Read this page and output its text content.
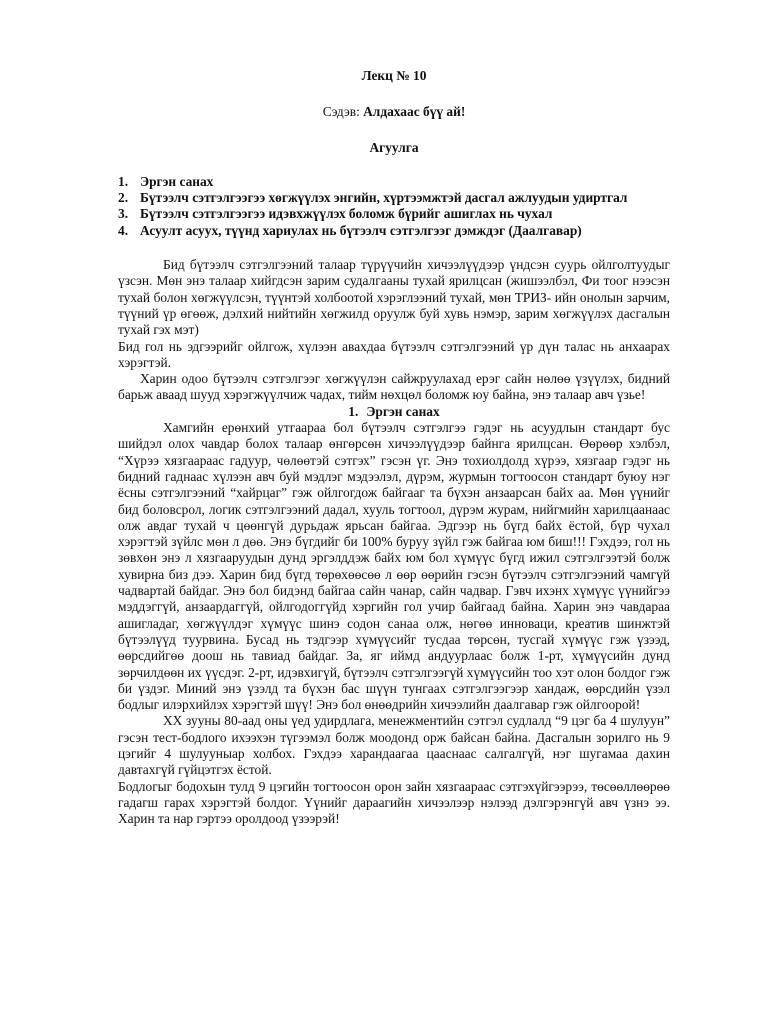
Лекц № 10
Сэдэв: Алдахаас бүү ай!
Агуулга
1. Эргэн санах
2. Бүтээлч сэтгэлгээгээ хөгжүүлэх энгийн, хүртээмжтэй дасгал ажлуудын удиртгал
3. Бүтээлч сэтгэлгээгээ идэвхжүүлэх боломж бүрийг ашиглах нь чухал
4. Асуулт асуух, түүнд хариулах нь бүтээлч сэтгэлгээг дэмждэг (Даалгавар)

Бид бүтээлч сэтгэлгээний талаар түрүүчийн хичээлүүдээр үндсэн суурь ойлголтуудыг үзсэн. Мөн энэ талаар хийгдсэн зарим судалгааны тухай ярилцсан (жишээлбэл, Фи тоог нээсэн тухай болон хөгжүүлсэн, түүнтэй холбоотой хэрэглээний тухай, мөн ТРИЗ- ийн онолын зарчим, түүний үр өгөөж, дэлхий нийтийн хөгжилд оруулж буй хувь нэмэр, зарим хөгжүүлэх дасгалын тухай гэх мэт)

Бид гол нь эдгээрийг ойлгож, хүлээн авахдаа бүтээлч сэтгэлгээний үр дүн талас нь анхаарах хэрэгтэй.

Харин одоо бүтээлч сэтгэлгээг хөгжүүлэн сайжруулахад ерэг сайн нөлөө үзүүлэх, бидний барьж аваад шууд хэрэгжүүлчиж чадах, тийм нөхцөл боломж юу байна, энэ талаар авч үзье!

1. Эргэн санах

Хамгийн ерөнхий утгаараа бол бүтээлч сэтгэлгээ гэдэг нь асуудлын стандарт бус шийдэл олох чавдар болох талаар өнгөрсөн хичээлүүдээр байнга ярилцсан. Өөрөөр хэлбэл, “Хүрээ хязгаараас гадуур, чөлөөтэй сэтгэх” гэсэн үг. Энэ тохиолдолд хүрээ, хязгаар гэдэг нь бидний гаднаас хүлээн авч буй мэдлэг мэдээлэл, дүрэм, журмын тогтоосон стандарт буюу нэг ёсны сэтгэлгээний “хайрцаг” гэж ойлгогдож байгааг та бүхэн анзаарсан байх аа. Мөн үүнийг бид боловсрол, логик сэтгэлгээний дадал, хууль тогтоол, дүрэм журам, нийгмийн харилцаанаас олж авдаг тухай ч цөөнгүй дурьдаж ярьсан байгаа. Эдгээр нь бүгд байх ёстой, бүр чухал хэрэгтэй зүйлс мөн л дөө. Энэ бүгдийг би 100% буруу зүйл гэж байгаа юм биш!!! Гэхдээ, гол нь зөвхөн энэ л хязгааруудын дунд эргэлддэж байх юм бол хүмүүс бүгд ижил сэтгэлгээтэй болж хувирна биз дээ. Харин бид бүгд төрөхөөсөө л өөр өөрийн гэсэн бүтээлч сэтгэлгээний чамгүй чадвартай байдаг. Энэ бол бидэнд байгаа сайн чанар, сайн чадвар. Гэвч ихэнх хүмүүс үүнийгээ мэддэггүй, анзаардаггүй, ойлгодоггүйд хэргийн гол учир байгаад байна. Харин энэ чавдараа ашигладаг, хөгжүүлдэг хүмүүс шинэ содон санаа олж, нөгөө инноваци, креатив шинжтэй бүтээлүүд туурвина. Бусад нь тэдгээр хүмүүсийг тусдаа төрсөн, тусгай хүмүүс гэж үзээд, өөрсдийгөө доош нь тавиад байдаг. За, яг иймд андуурлаас болж 1-рт, хүмүүсийн дунд зөрчилдөөн их үүсдэг. 2-рт, идэвхигүй, бүтээлч сэтгэлгээгүй хүмүүсийн тоо хэт олон болдог гэж би үздэг. Миний энэ үзэлд та бүхэн бас шүүн тунгаах сэтгэлгээгээр хандаж, өөрсдийн үзэл бодлыг илэрхийлэх хэрэгтэй шүү! Энэ бол өнөөдрийн хичээлийн даалгавар гэж ойлгоорой!

XX зууны 80-аад оны үед удирдлага, менежментийн сэтгэл судлалд “9 цэг ба 4 шулуун” гэсэн тест-бодлого ихээхэн түгээмэл болж моодонд орж байсан байна. Дасгалын зорилго нь 9 цэгийг 4 шулууныар холбох. Гэхдээ харандаагаа цааснаас салгалгүй, нэг шугамаа дахин давтахгүй гүйцэтгэх ёстой.

Бодлогыг бодохын тулд 9 цэгийн тогтоосон орон зайн хязгаараас сэтгэхүйгээрээ, төсөөллөөрөө гадагш гарах хэрэгтэй болдог. Үүнийг дараагийн хичээлээр нэлээд дэлгэрэнгүй авч үзнэ ээ. Харин та нар гэртээ оролдоод үзээрэй!
